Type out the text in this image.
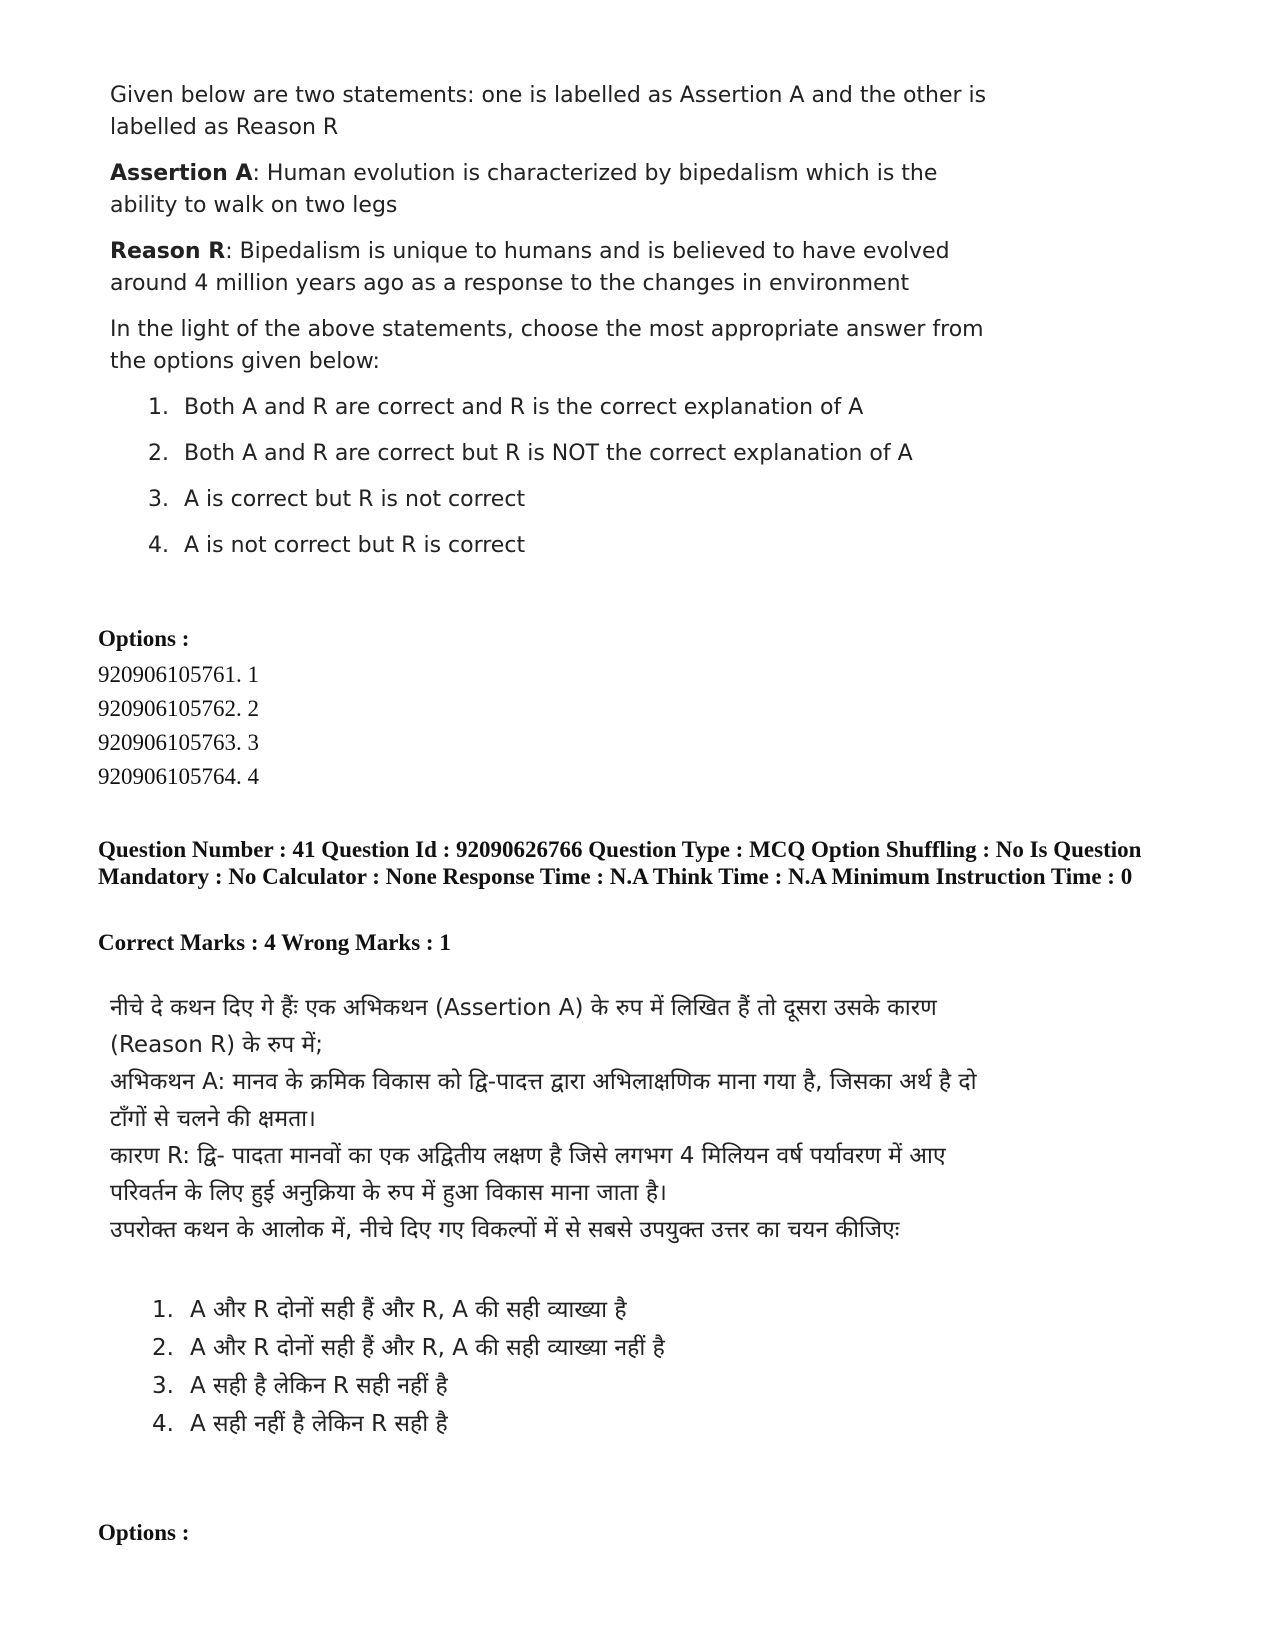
Given below are two statements: one is labelled as Assertion A and the other is labelled as Reason R

Assertion A: Human evolution is characterized by bipedalism which is the ability to walk on two legs

Reason R: Bipedalism is unique to humans and is believed to have evolved around 4 million years ago as a response to the changes in environment

In the light of the above statements, choose the most appropriate answer from the options given below:

1. Both A and R are correct and R is the correct explanation of A
2. Both A and R are correct but R is NOT the correct explanation of A
3. A is correct but R is not correct
4. A is not correct but R is correct
Options :
920906105761. 1
920906105762. 2
920906105763. 3
920906105764. 4
Question Number : 41 Question Id : 92090626766 Question Type : MCQ Option Shuffling : No Is Question Mandatory : No Calculator : None Response Time : N.A Think Time : N.A Minimum Instruction Time : 0
Correct Marks : 4 Wrong Marks : 1

नीचे दे कथन दिए गे हैंः एक अभिकथन (Assertion A) के रुप में लिखित हैं तो दूसरा उसके कारण (Reason R) के रुप में;

अभिकथन A: मानव के क्रमिक विकास को द्वि-पादत्त द्वारा अभिलाक्षणिक माना गया है, जिसका अर्थ है दो टाँगों से चलने की क्षमता।

कारण R: द्वि- पादता मानवों का एक अद्वितीय लक्षण है जिसे लगभग 4 मिलियन वर्ष पर्यावरण में आए परिवर्तन के लिए हुई अनुक्रिया के रुप में हुआ विकास माना जाता है।

उपरोक्त कथन के आलोक में, नीचे दिए गए विकल्पों में से सबसे उपयुक्त उत्तर का चयन कीजिएः

1. A और R दोनों सही हैं और R, A की सही व्याख्या है
2. A और R दोनों सही हैं और R, A की सही व्याख्या नहीं है
3. A सही है लेकिन R सही नहीं है
4. A सही नहीं है लेकिन R सही है
Options :
